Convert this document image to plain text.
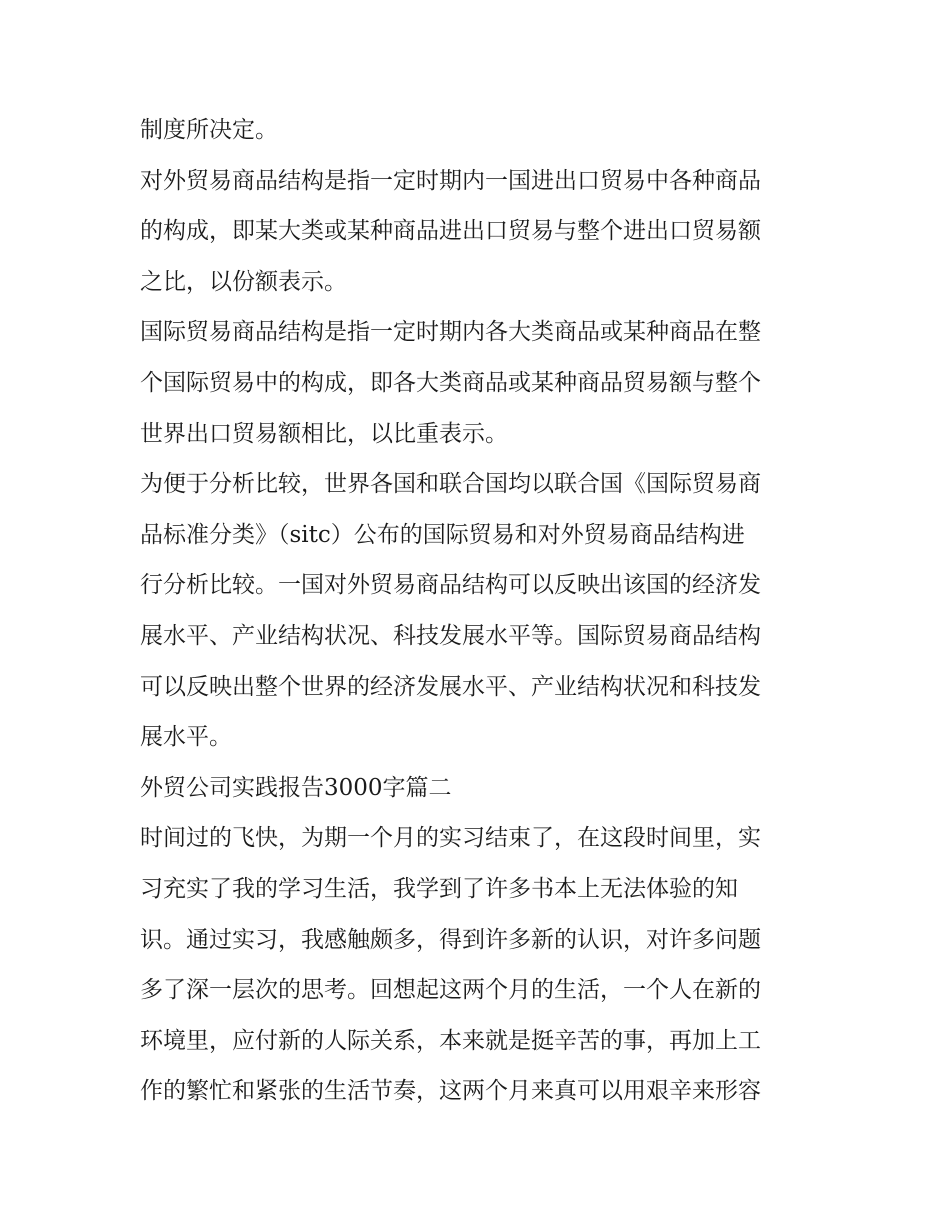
制度所决定。
对外贸易商品结构是指一定时期内一国进出口贸易中各种商品
的构成，即某大类或某种商品进出口贸易与整个进出口贸易额
之比，以份额表示。
国际贸易商品结构是指一定时期内各大类商品或某种商品在整
个国际贸易中的构成，即各大类商品或某种商品贸易额与整个
世界出口贸易额相比，以比重表示。
为便于分析比较，世界各国和联合国均以联合国《国际贸易商
品标准分类》（sitc）公布的国际贸易和对外贸易商品结构进
行分析比较。一国对外贸易商品结构可以反映出该国的经济发
展水平、产业结构状况、科技发展水平等。国际贸易商品结构
可以反映出整个世界的经济发展水平、产业结构状况和科技发
展水平。
外贸公司实践报告3000字篇二
时间过的飞快，为期一个月的实习结束了，在这段时间里，实
习充实了我的学习生活，我学到了许多书本上无法体验的知
识。通过实习，我感触颇多，得到许多新的认识，对许多问题
多了深一层次的思考。回想起这两个月的生活，一个人在新的
环境里，应付新的人际关系，本来就是挺辛苦的事，再加上工
作的繁忙和紧张的生活节奏，这两个月来真可以用艰辛来形容
